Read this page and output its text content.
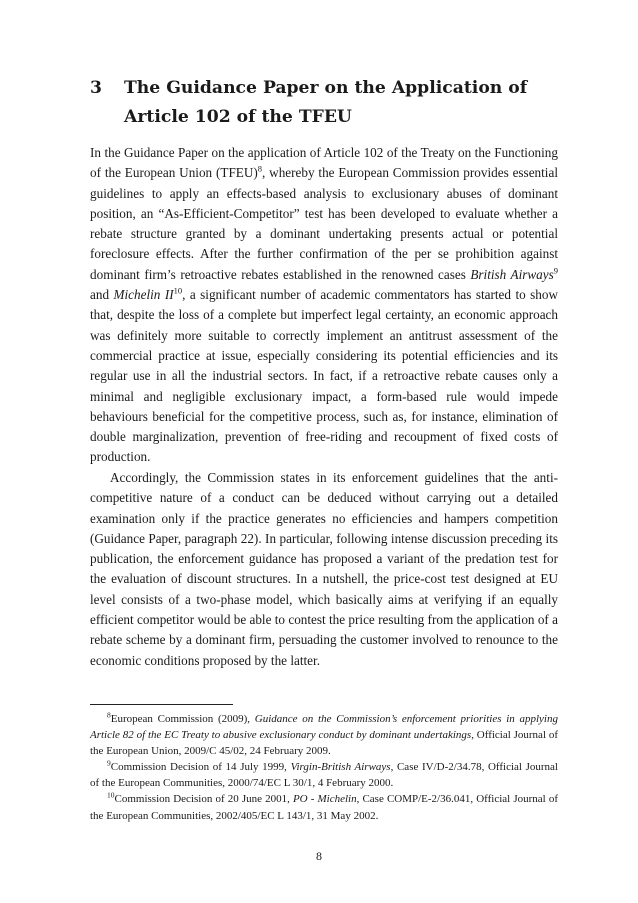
3 The Guidance Paper on the Application of Article 102 of the TFEU

In the Guidance Paper on the application of Article 102 of the Treaty on the Functioning of the European Union (TFEU)$^8$, whereby the European Commission provides essential guidelines to apply an effects-based analysis to exclusionary abuses of dominant position, an “As-Efficient-Competitor” test has been developed to evaluate whether a rebate structure granted by a dominant undertaking presents actual or potential foreclosure effects. After the further confirmation of the per se prohibition against dominant firm’s retroactive rebates established in the renowned cases British Airways$^9$ and Michelin II$^{10}$, a significant number of academic commentators has started to show that, despite the loss of a complete but imperfect legal certainty, an economic approach was definitely more suitable to correctly implement an antitrust assessment of the commercial practice at issue, especially considering its potential efficiencies and its regular use in all the industrial sectors. In fact, if a retroactive rebate causes only a minimal and negligible exclusionary impact, a form-based rule would impede behaviours beneficial for the competitive process, such as, for instance, elimination of double marginalization, prevention of free-riding and recoupment of fixed costs of production.

Accordingly, the Commission states in its enforcement guidelines that the anti-competitive nature of a conduct can be deduced without carrying out a detailed examination only if the practice generates no efficiencies and hampers competition (Guidance Paper, paragraph 22). In particular, following intense discussion preceding its publication, the enforcement guidance has proposed a variant of the predation test for the evaluation of discount structures. In a nutshell, the price-cost test designed at EU level consists of a two-phase model, which basically aims at verifying if an equally efficient competitor would be able to contest the price resulting from the application of a rebate scheme by a dominant firm, persuading the customer involved to renounce to the economic conditions proposed by the latter.

$^8$European Commission (2009), Guidance on the Commission’s enforcement priorities in applying Article 82 of the EC Treaty to abusive exclusionary conduct by dominant undertakings, Official Journal of the European Union, 2009/C 45/02, 24 February 2009.

$^9$Commission Decision of 14 July 1999, Virgin-British Airways, Case IV/D-2/34.78, Official Journal of the European Communities, 2000/74/EC L 30/1, 4 February 2000.

$^{10}$Commission Decision of 20 June 2001, PO - Michelin, Case COMP/E-2/36.041, Official Journal of the European Communities, 2002/405/EC L 143/1, 31 May 2002.

8
